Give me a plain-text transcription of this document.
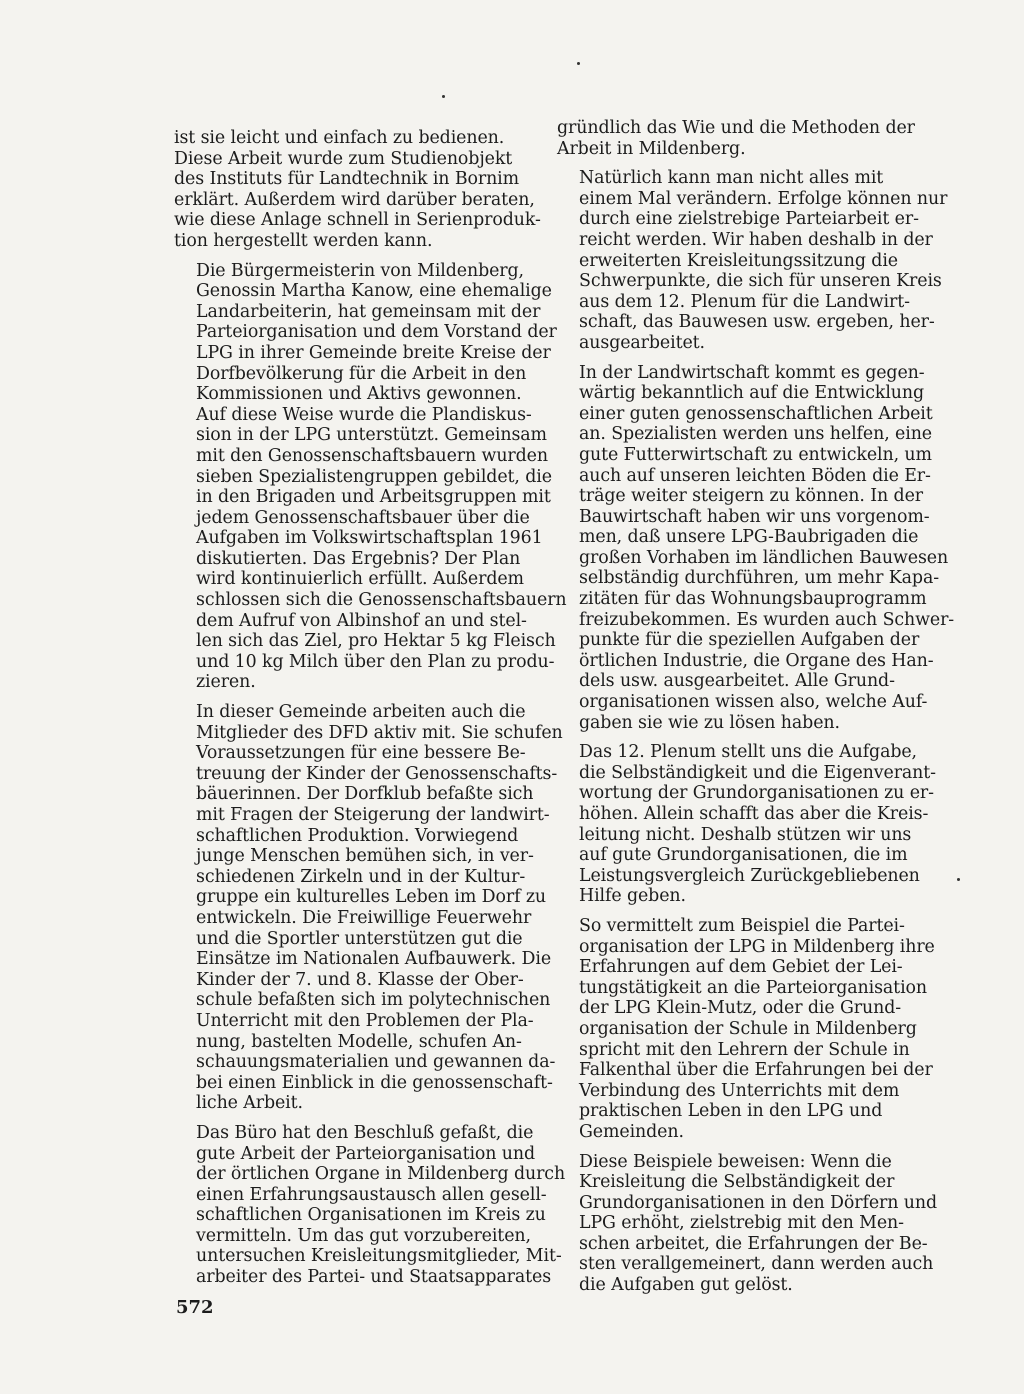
ist sie leicht und einfach zu bedienen.
Diese Arbeit wurde zum Studienobjekt
des Instituts für Landtechnik in Bornim
erklärt. Außerdem wird darüber beraten,
wie diese Anlage schnell in Serienproduk-
tion hergestellt werden kann.

Die Bürgermeisterin von Mildenberg,
Genossin Martha Kanow, eine ehemalige
Landarbeiterin, hat gemeinsam mit der
Parteiorganisation und dem Vorstand der
LPG in ihrer Gemeinde breite Kreise der
Dorfbevölkerung für die Arbeit in den
Kommissionen und Aktivs gewonnen.
Auf diese Weise wurde die Plandiskus-
sion in der LPG unterstützt. Gemeinsam
mit den Genossenschaftsbauern wurden
sieben Spezialistengruppen gebildet, die
in den Brigaden und Arbeitsgruppen mit
jedem Genossenschaftsbauer über die
Aufgaben im Volkswirtschaftsplan 1961
diskutierten. Das Ergebnis? Der Plan
wird kontinuierlich erfüllt. Außerdem
schlossen sich die Genossenschaftsbauern
dem Aufruf von Albinshof an und stel-
len sich das Ziel, pro Hektar 5 kg Fleisch
und 10 kg Milch über den Plan zu produ-
zieren.

In dieser Gemeinde arbeiten auch die
Mitglieder des DFD aktiv mit. Sie schufen
Voraussetzungen für eine bessere Be-
treuung der Kinder der Genossenschafts-
bäuerinnen. Der Dorfklub befaßte sich
mit Fragen der Steigerung der landwirt-
schaftlichen Produktion. Vorwiegend
junge Menschen bemühen sich, in ver-
schiedenen Zirkeln und in der Kultur-
gruppe ein kulturelles Leben im Dorf zu
entwickeln. Die Freiwillige Feuerwehr
und die Sportler unterstützen gut die
Einsätze im Nationalen Aufbauwerk. Die
Kinder der 7. und 8. Klasse der Ober-
schule befaßten sich im polytechnischen
Unterricht mit den Problemen der Pla-
nung, bastelten Modelle, schufen An-
schauungsmaterialien und gewannen da-
bei einen Einblick in die genossenschaft-
liche Arbeit.

Das Büro hat den Beschluß gefaßt, die
gute Arbeit der Parteiorganisation und
der örtlichen Organe in Mildenberg durch
einen Erfahrungsaustausch allen gesell-
schaftlichen Organisationen im Kreis zu
vermitteln. Um das gut vorzubereiten,
untersuchen Kreisleitungsmitglieder, Mit-
arbeiter des Partei- und Staatsapparates

gründlich das Wie und die Methoden der
Arbeit in Mildenberg.

Natürlich kann man nicht alles mit
einem Mal verändern. Erfolge können nur
durch eine zielstrebige Parteiarbeit er-
reicht werden. Wir haben deshalb in der
erweiterten Kreisleitungssitzung die
Schwerpunkte, die sich für unseren Kreis
aus dem 12. Plenum für die Landwirt-
schaft, das Bauwesen usw. ergeben, her-
ausgearbeitet.

In der Landwirtschaft kommt es gegen-
wärtig bekanntlich auf die Entwicklung
einer guten genossenschaftlichen Arbeit
an. Spezialisten werden uns helfen, eine
gute Futterwirtschaft zu entwickeln, um
auch auf unseren leichten Böden die Er-
träge weiter steigern zu können. In der
Bauwirtschaft haben wir uns vorgenom-
men, daß unsere LPG-Baubrigaden die
großen Vorhaben im ländlichen Bauwesen
selbständig durchführen, um mehr Kapa-
zitäten für das Wohnungsbauprogramm
freizubekommen. Es wurden auch Schwer-
punkte für die speziellen Aufgaben der
örtlichen Industrie, die Organe des Han-
dels usw. ausgearbeitet. Alle Grund-
organisationen wissen also, welche Auf-
gaben sie wie zu lösen haben.

Das 12. Plenum stellt uns die Aufgabe,
die Selbständigkeit und die Eigenverant-
wortung der Grundorganisationen zu er-
höhen. Allein schafft das aber die Kreis-
leitung nicht. Deshalb stützen wir uns
auf gute Grundorganisationen, die im
Leistungsvergleich Zurückgebliebenen
Hilfe geben.

So vermittelt zum Beispiel die Partei-
organisation der LPG in Mildenberg ihre
Erfahrungen auf dem Gebiet der Lei-
tungstätigkeit an die Parteiorganisation
der LPG Klein-Mutz, oder die Grund-
organisation der Schule in Mildenberg
spricht mit den Lehrern der Schule in
Falkenthal über die Erfahrungen bei der
Verbindung des Unterrichts mit dem
praktischen Leben in den LPG und
Gemeinden.

Diese Beispiele beweisen: Wenn die
Kreisleitung die Selbständigkeit der
Grundorganisationen in den Dörfern und
LPG erhöht, zielstrebig mit den Men-
schen arbeitet, die Erfahrungen der Be-
sten verallgemeinert, dann werden auch
die Aufgaben gut gelöst.

572
